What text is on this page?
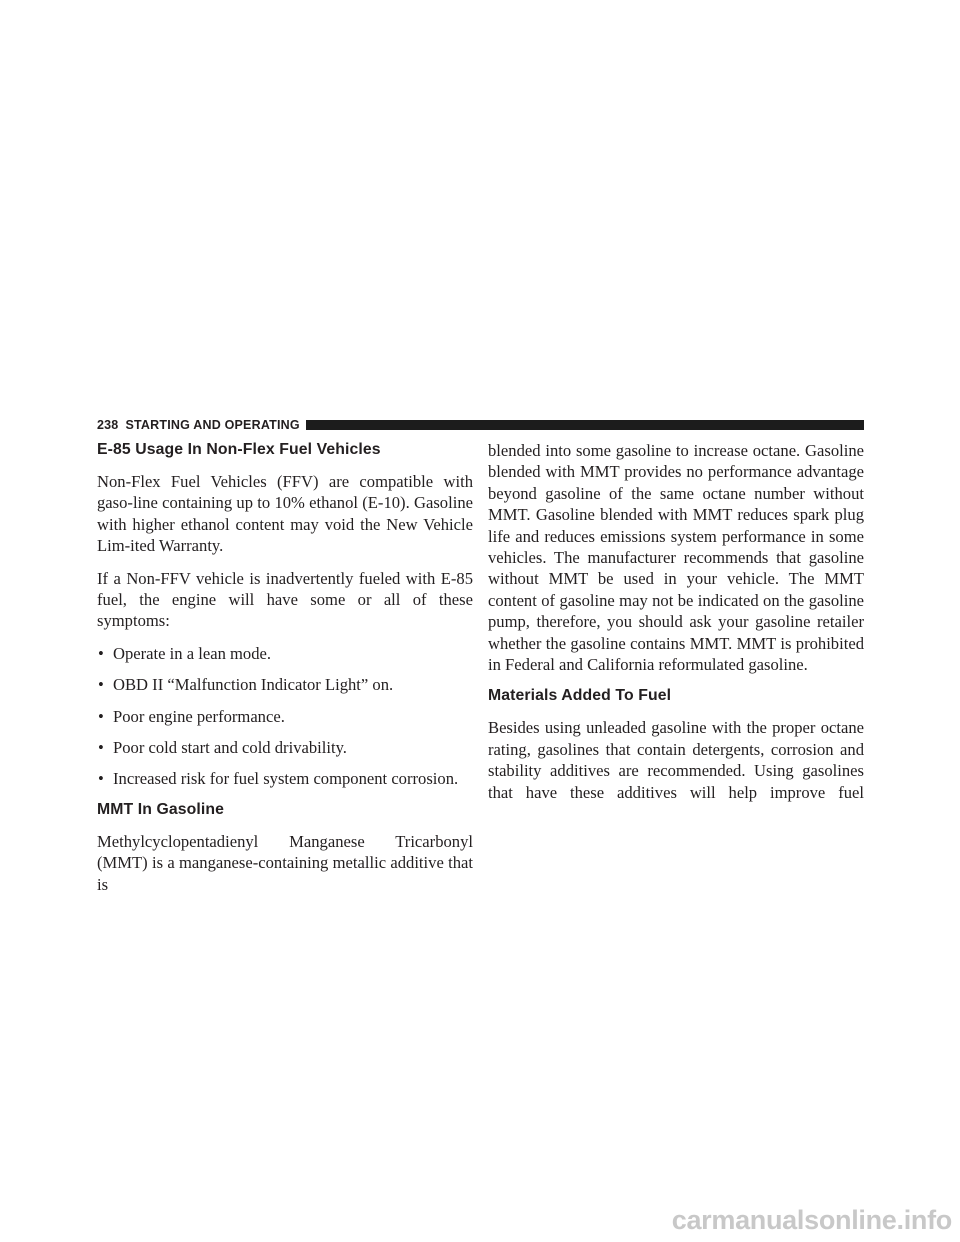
238 STARTING AND OPERATING
E-85 Usage In Non-Flex Fuel Vehicles

Non-Flex Fuel Vehicles (FFV) are compatible with gaso-line containing up to 10% ethanol (E-10). Gasoline with higher ethanol content may void the New Vehicle Lim-ited Warranty.

If a Non-FFV vehicle is inadvertently fueled with E-85 fuel, the engine will have some or all of these symptoms:

• Operate in a lean mode.
• OBD II “Malfunction Indicator Light” on.
• Poor engine performance.
• Poor cold start and cold drivability.
• Increased risk for fuel system component corrosion.
MMT In Gasoline

Methylcyclopentadienyl Manganese Tricarbonyl (MMT) is a manganese-containing metallic additive that is

blended into some gasoline to increase octane. Gasoline blended with MMT provides no performance advantage beyond gasoline of the same octane number without MMT. Gasoline blended with MMT reduces spark plug life and reduces emissions system performance in some vehicles. The manufacturer recommends that gasoline without MMT be used in your vehicle. The MMT content of gasoline may not be indicated on the gasoline pump, therefore, you should ask your gasoline retailer whether the gasoline contains MMT. MMT is prohibited in Federal and California reformulated gasoline.

Materials Added To Fuel

Besides using unleaded gasoline with the proper octane rating, gasolines that contain detergents, corrosion and stability additives are recommended. Using gasolines that have these additives will help improve fuel

carmanualsonline.info
